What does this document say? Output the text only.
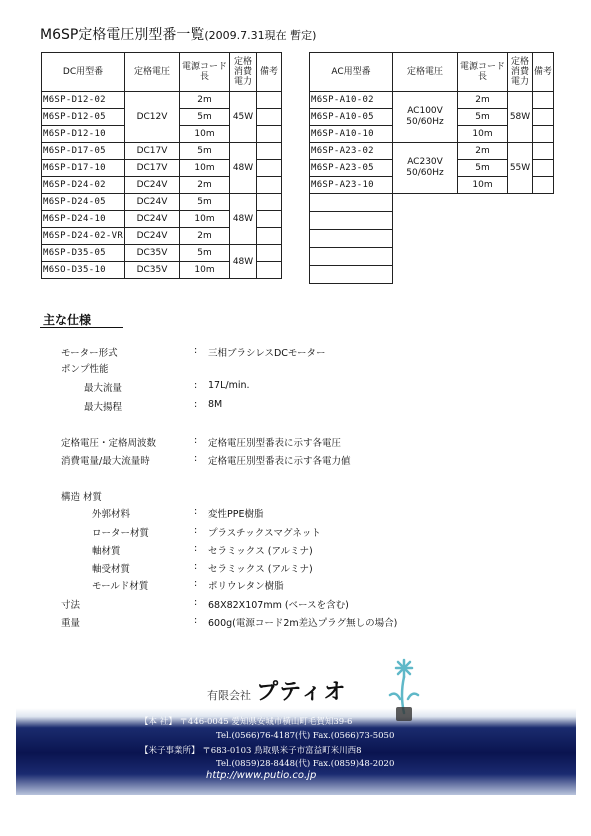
M6SP定格電圧別型番一覧(2009.7.31現在 暫定)
DC用型番	定格電圧	電源コード長	定格消費電力	備考
M6SP-D12-02	DC12V	2m	45W	
M6SP-D12-05		5m		
M6SP-D12-10		10m		
M6SP-D17-05	DC17V	5m	48W	
M6SP-D17-10	DC17V	10m		
M6SP-D24-02	DC24V	2m		
M6SP-D24-05	DC24V	5m	48W	
M6SP-D24-10	DC24V	10m		
M6SP-D24-02-VR	DC24V	2m		
M6SP-D35-05	DC35V	5m	48W	
M6SO-D35-10	DC35V	10m		
AC用型番	定格電圧	電源コード長	定格消費電力	備考
M6SP-A10-02	AC100V 50/60Hz	2m	58W	
M6SP-A10-05		5m		
M6SP-A10-10		10m		
M6SP-A23-02	AC230V 50/60Hz	2m	55W	
M6SP-A23-05		5m		
M6SP-A23-10		10m		

主な仕様
モーター形式	: 三相ブラシレスDCモーター
ポンプ性能
最大流量	: 17L/min.
最大揚程	: 8M
定格電圧・定格周波数	: 定格電圧別型番表に示す各電圧
消費電量/最大流量時	: 定格電圧別型番表に示す各電力値
構造 材質
外郭材料	: 変性PPE樹脂
ローター材質	: プラスチックスマグネット
軸材質	: セラミックス (アルミナ)
軸受材質	: セラミックス (アルミナ)
モールド材質	: ポリウレタン樹脂
寸法	: 68X82X107mm (ベースを含む)
重量	: 600g(電源コード2m差込プラグ無しの場合)
有限会社 プティオ
【本 社】 〒446-0045 愛知県安城市横山町毛賀知39-6
Tel.(0566)76-4187(代) Fax.(0566)73-5050
【米子事業所】 〒683-0103 鳥取県米子市富益町米川西8
Tel.(0859)28-8448(代) Fax.(0859)48-2020
http://www.putio.co.jp
